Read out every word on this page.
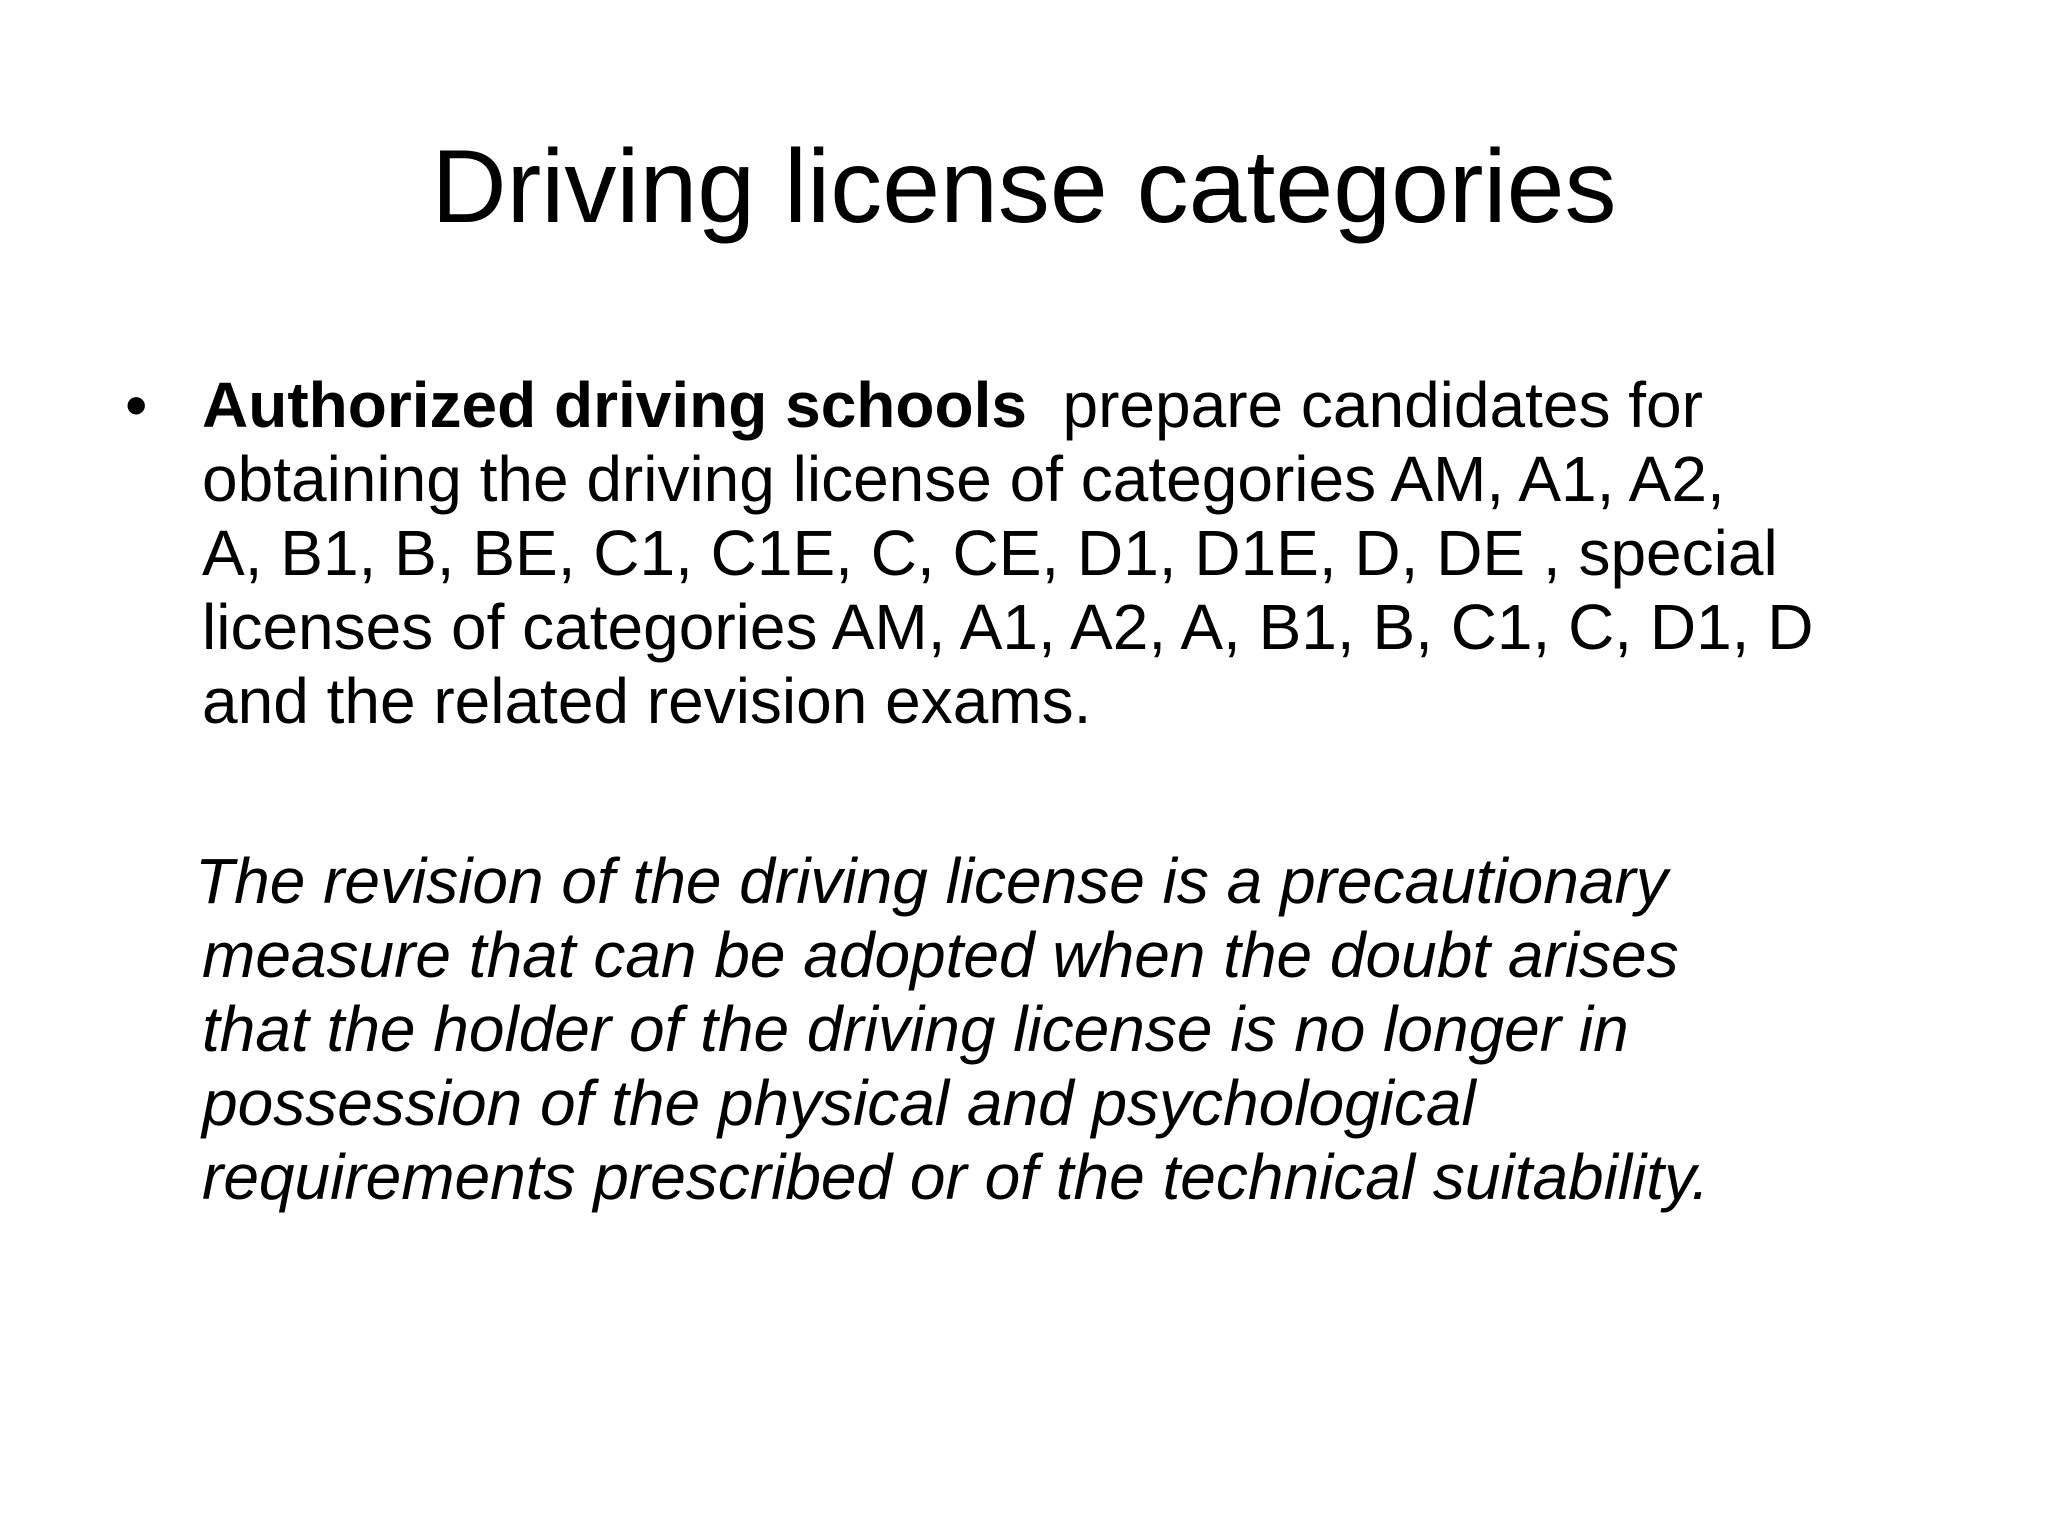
Driving license categories
• Authorized driving schools prepare candidates for
obtaining the driving license of categories AM, A1, A2,
A, B1, B, BE, C1, C1E, C, CE, D1, D1E, D, DE , special
licenses of categories AM, A1, A2, A, B1, B, C1, C, D1, D
and the related revision exams.
The revision of the driving license is a precautionary
measure that can be adopted when the doubt arises
that the holder of the driving license is no longer in
possession of the physical and psychological
requirements prescribed or of the technical suitability.
